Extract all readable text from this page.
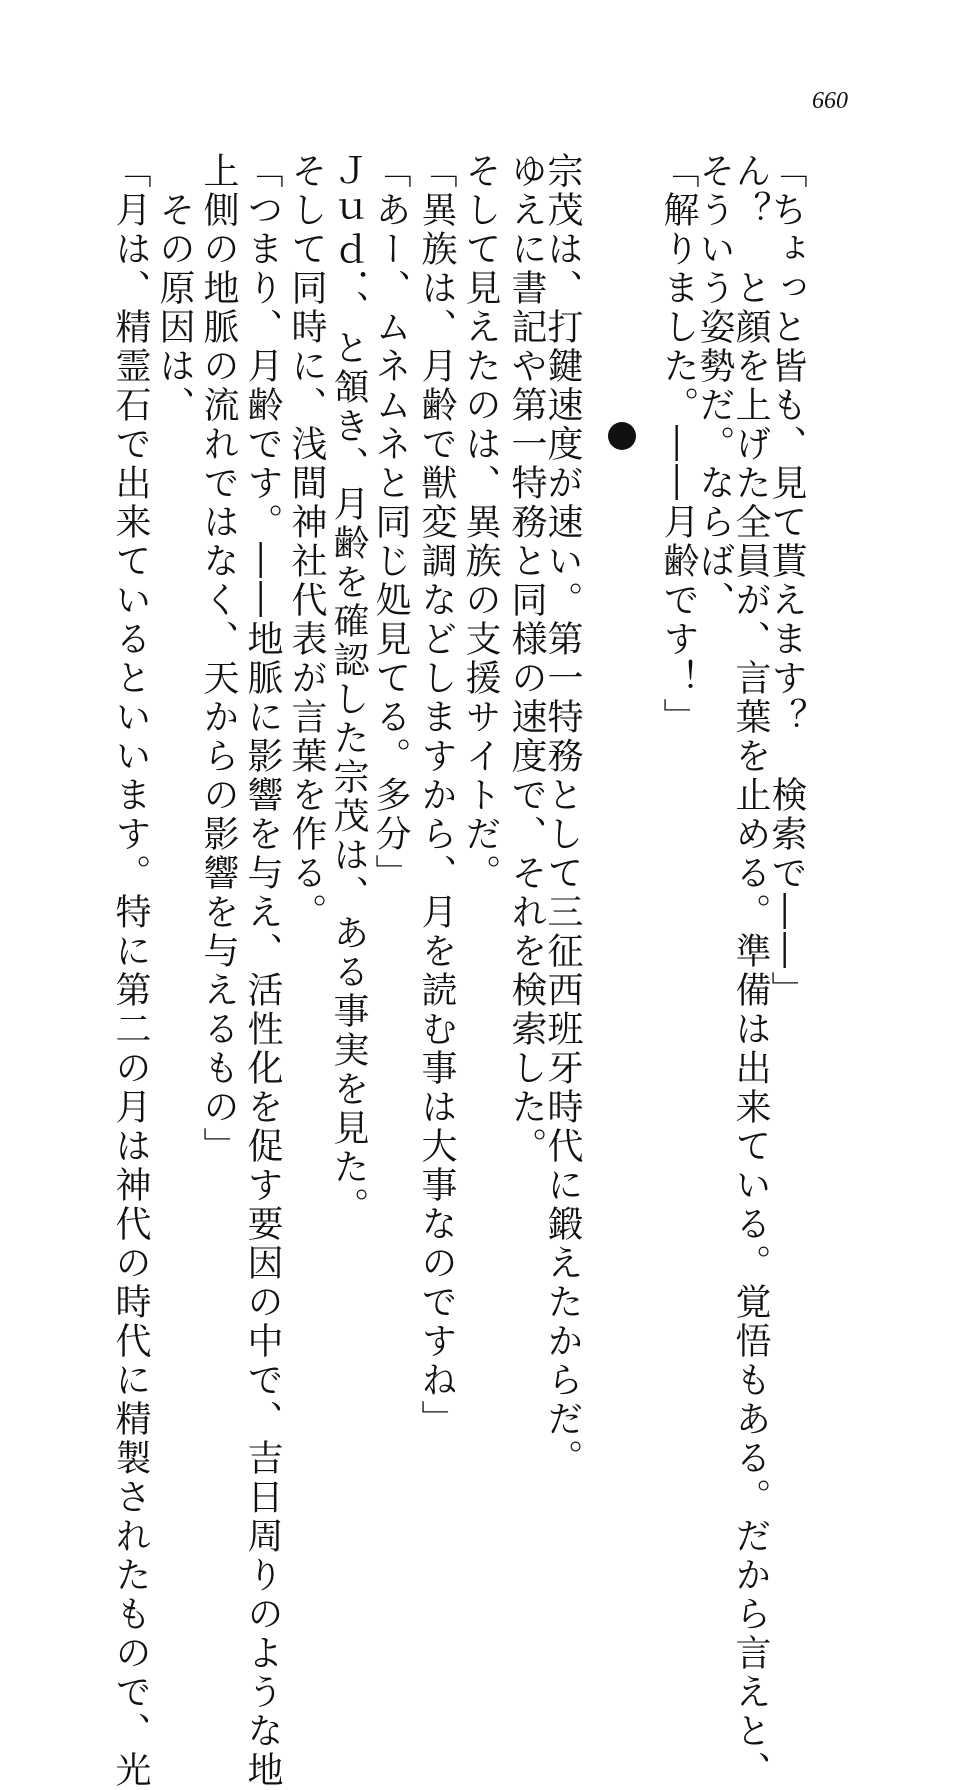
660
「ちょっと皆も、見て貰えます？　検索で――」
ん？　と顔を上げた全員が、言葉を止める。準備は出来ている。覚悟もある。だから言えと、
そういう姿勢だ。ならば、
「解りました。――月齢です！」
宗茂は、打鍵速度が速い。第一特務として三征西班牙時代に鍛えたからだ。
ゆえに書記や第一特務と同様の速度で、それを検索した。
そして見えたのは、異族の支援サイトだ。
「異族は、月齢で獣変調などしますから、月を読む事は大事なのですね」
「あー、ムネムネと同じ処見てる。多分」
Ｊｕｄ．、と頷き、月齢を確認した宗茂は、ある事実を見た。
そして同時に、浅間神社代表が言葉を作る。
「つまり、月齢です。――地脈に影響を与え、活性化を促す要因の中で、吉日周りのような地
上側の地脈の流れではなく、天からの影響を与えるもの」
　その原因は、
「月は、精霊石で出来ているといいます。特に第二の月は神代の時代に精製されたもので、光
